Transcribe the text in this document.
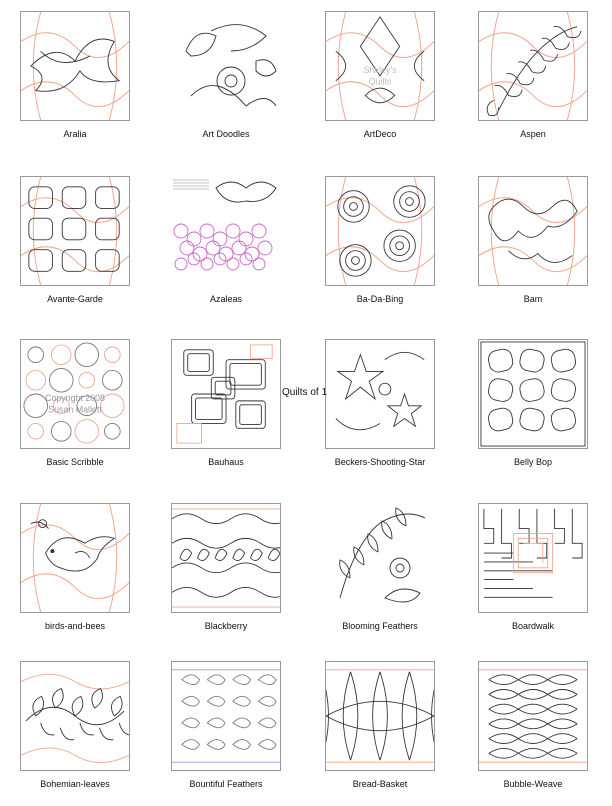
Aralia	Art Doodles
Shirley's
Quilts
ArtDeco	Aspen
Avante-Garde	Azaleas	Ba-Da-Bing	Bam
Copyright 2008
Susan Mallett
Basic Scribble	Bauhaus	Beckers-Shooting-Star	Belly Bop
birds-and-bees	Blackberry	Blooming Feathers	Boardwalk
Bohemian-leaves	Bountiful Feathers	Bread-Basket	Bubble-Weave
Quilts of 1
